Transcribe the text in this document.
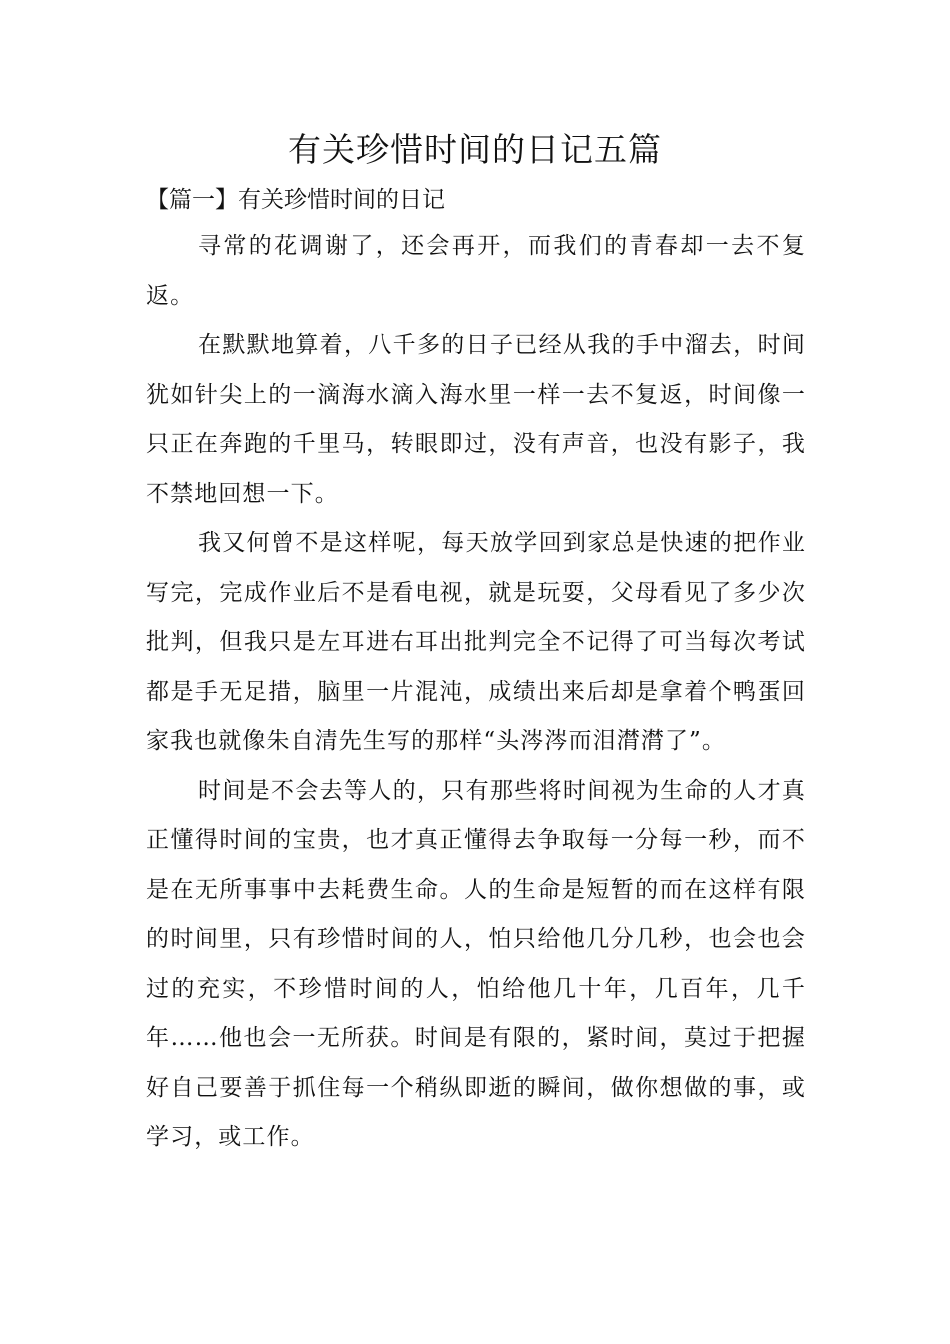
有关珍惜时间的日记五篇
【篇一】有关珍惜时间的日记

寻常的花调谢了，还会再开，而我们的青春却一去不复返。

在默默地算着，八千多的日子已经从我的手中溜去，时间犹如针尖上的一滴海水滴入海水里一样一去不复返，时间像一只正在奔跑的千里马，转眼即过，没有声音，也没有影子，我不禁地回想一下。

我又何曾不是这样呢，每天放学回到家总是快速的把作业写完，完成作业后不是看电视，就是玩耍，父母看见了多少次批判，但我只是左耳进右耳出批判完全不记得了可当每次考试都是手无足措，脑里一片混沌，成绩出来后却是拿着个鸭蛋回家我也就像朱自清先生写的那样“头涔涔而泪潸潸了”。

时间是不会去等人的，只有那些将时间视为生命的人才真正懂得时间的宝贵，也才真正懂得去争取每一分每一秒，而不是在无所事事中去耗费生命。人的生命是短暂的而在这样有限的时间里，只有珍惜时间的人，怕只给他几分几秒，也会也会过的充实，不珍惜时间的人，怕给他几十年，几百年，几千年……他也会一无所获。时间是有限的，紧时间，莫过于把握好自己要善于抓住每一个稍纵即逝的瞬间，做你想做的事，或学习，或工作。
